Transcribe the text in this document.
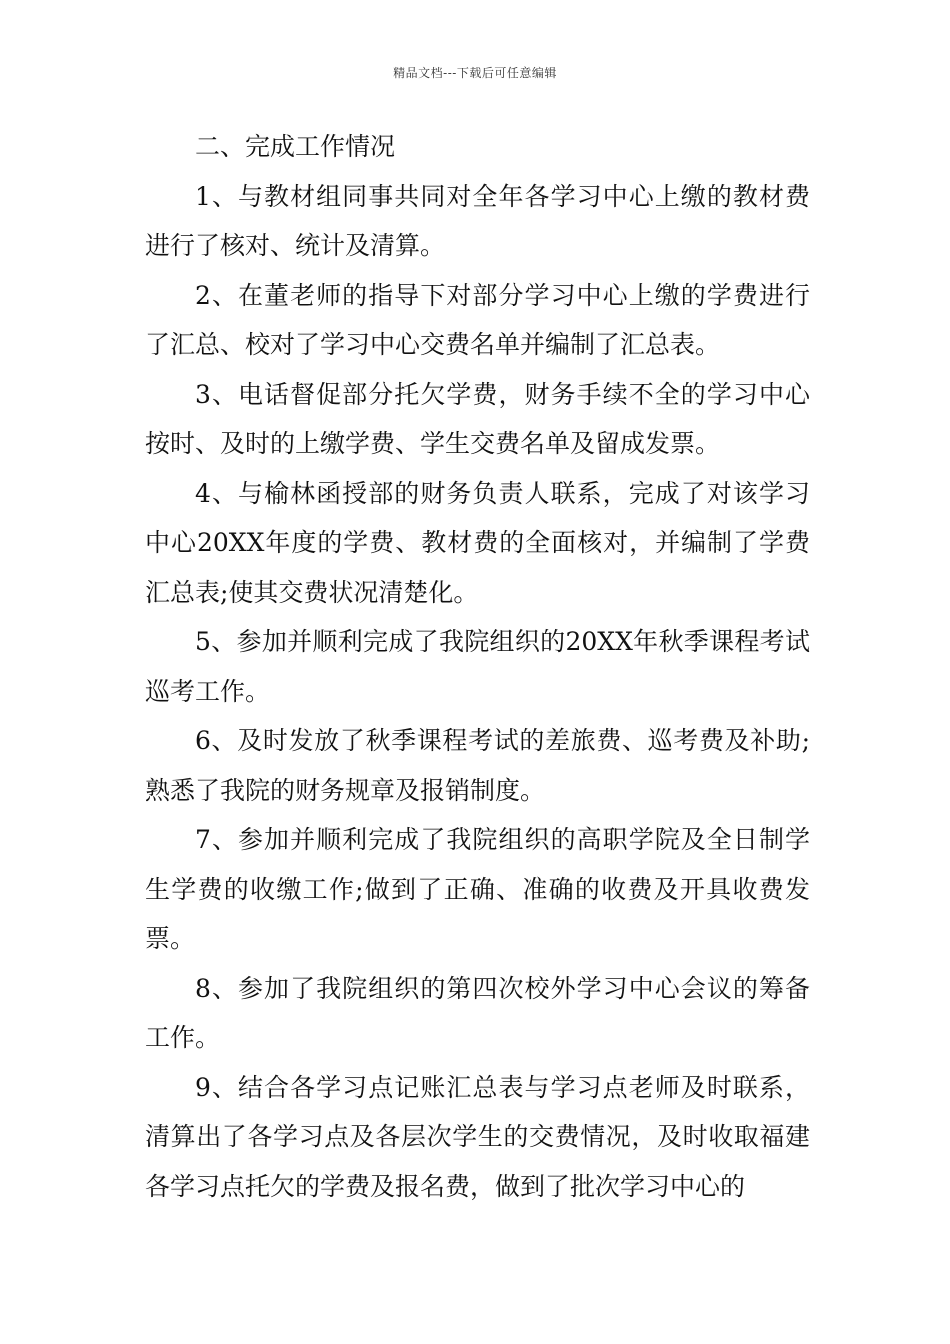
精品文档---下载后可任意编辑

二、完成工作情况

1、与教材组同事共同对全年各学习中心上缴的教材费进行了核对、统计及清算。

2、在董老师的指导下对部分学习中心上缴的学费进行了汇总、校对了学习中心交费名单并编制了汇总表。

3、电话督促部分托欠学费，财务手续不全的学习中心按时、及时的上缴学费、学生交费名单及留成发票。

4、与榆林函授部的财务负责人联系，完成了对该学习中心20XX年度的学费、教材费的全面核对，并编制了学费汇总表;使其交费状况清楚化。

5、参加并顺利完成了我院组织的20XX年秋季课程考试巡考工作。

6、及时发放了秋季课程考试的差旅费、巡考费及补助;熟悉了我院的财务规章及报销制度。

7、参加并顺利完成了我院组织的高职学院及全日制学生学费的收缴工作;做到了正确、准确的收费及开具收费发票。

8、参加了我院组织的第四次校外学习中心会议的筹备工作。

9、结合各学习点记账汇总表与学习点老师及时联系，清算出了各学习点及各层次学生的交费情况，及时收取福建各学习点托欠的学费及报名费，做到了批次学习中心的
